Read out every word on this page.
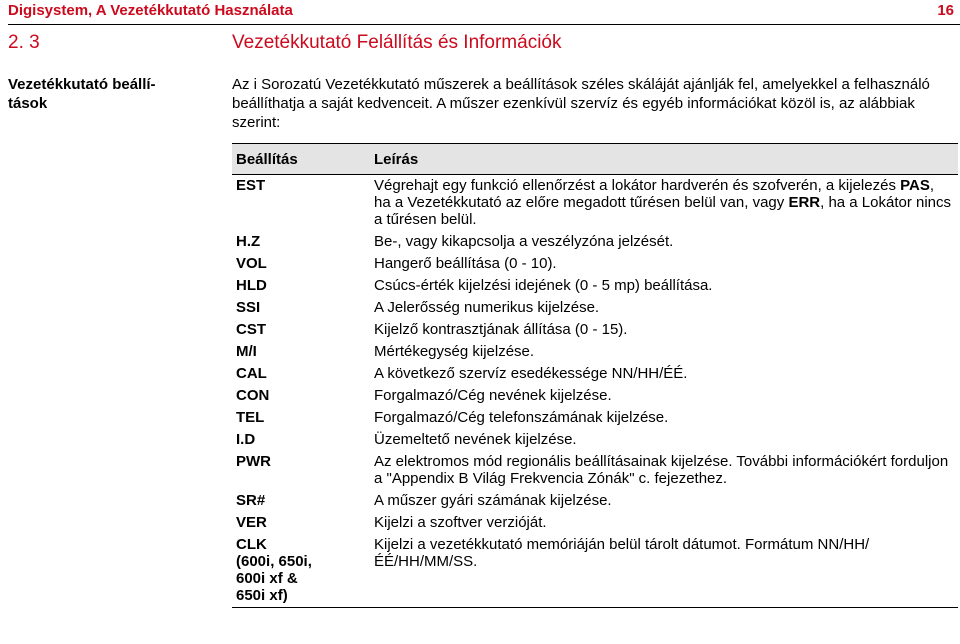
Digisystem, A Vezetékkutató Használata	16
2. 3	Vezetékkutató Felállítás és Információk
Vezetékkutató beállí-
tások
Az i Sorozatú Vezetékkutató műszerek a beállítások széles skáláját ajánlják fel, amelyekkel a felhasználó beállíthatja a saját kedvenceit. A műszer ezenkívül szervíz és egyéb információkat közöl is, az alábbiak szerint:
Beállítás	Leírás
EST	Végrehajt egy funkció ellenőrzést a lokátor hardverén és szofverén, a kijelezés PAS, ha a Vezetékkutató az előre megadott tűrésen belül van, vagy ERR, ha a Lokátor nincs a tűrésen belül.
H.Z	Be-, vagy kikapcsolja a veszélyzóna jelzését.
VOL	Hangerő beállítása (0 - 10).
HLD	Csúcs-érték kijelzési idejének (0 - 5 mp) beállítása.
SSI	A Jelerősség numerikus kijelzése.
CST	Kijelző kontrasztjának állítása (0 - 15).
M/I	Mértékegység kijelzése.
CAL	A következő szervíz esedékessége NN/HH/ÉÉ.
CON	Forgalmazó/Cég nevének kijelzése.
TEL	Forgalmazó/Cég telefonszámának kijelzése.
I.D	Üzemeltető nevének kijelzése.
PWR	Az elektromos mód regionális beállításainak kijelzése. További információkért forduljon a "Appendix B Világ Frekvencia Zónák" c. fejezethez.
SR#	A műszer gyári számának kijelzése.
VER	Kijelzi a szoftver verzióját.
CLK
(600i, 650i,
600i xf &
650i xf)	Kijelzi a vezetékkutató memóriáján belül tárolt dátumot. Formátum NN/HH/ÉÉ/HH/MM/SS.
